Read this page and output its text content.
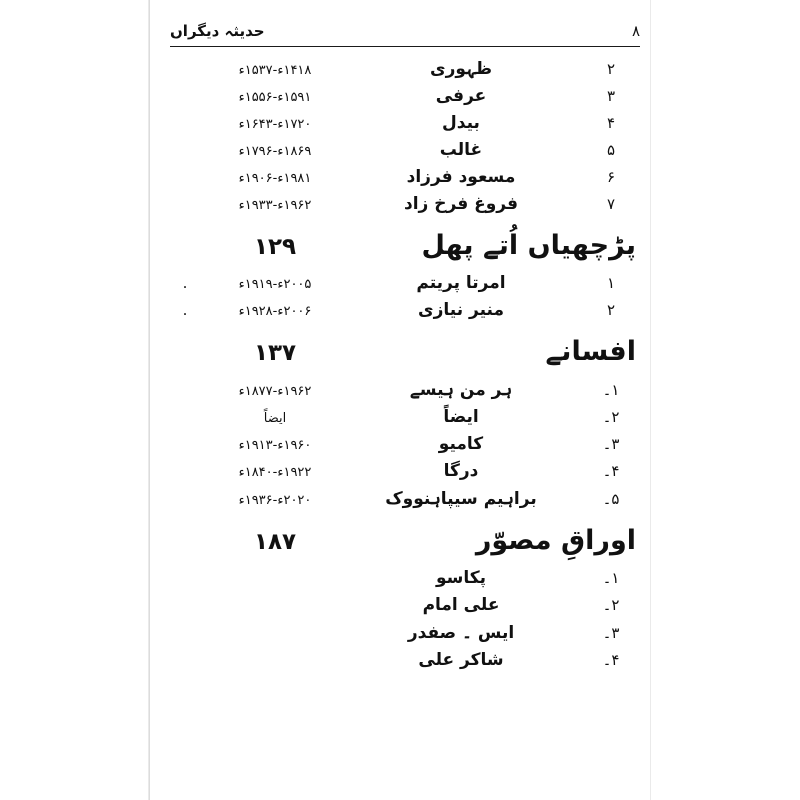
۸
حدیثہ دیگراں
۲
ظہوری
۱۴۱۸ء-۱۵۳۷ء
۳
عرفی
۱۵۹۱ء-۱۵۵۶ء
۴
بیدل
۱۷۲۰ء-۱۶۴۳ء
۵
غالب
۱۸۶۹ء-۱۷۹۶ء
۶
مسعود فرزاد
۱۹۸۱ء-۱۹۰۶ء
۷
فروغ فرخ زاد
۱۹۶۲ء-۱۹۳۳ء
پڑچھیاں اُتے پھل
۱۲۹
۱
امرتا پریتم
۲۰۰۵ء-۱۹۱۹ء
.
۲
منیر نیازی
۲۰۰۶ء-۱۹۲۸ء
.
افسانے
۱۳۷
۱۔
ہر من ہیسے
۱۹۶۲ء-۱۸۷۷ء
۲۔
ایضاً
ایضاً
۳۔
کامیو
۱۹۶۰ء-۱۹۱۳ء
۴۔
درگا
۱۹۲۲ء-۱۸۴۰ء
۵۔
براہیم سیپاہنووک
۲۰۲۰ء-۱۹۳۶ء
اوراقِ مصوّر
۱۸۷
۱۔
پکاسو
۲۔
علی امام
۳۔
ایس ۔ صفدر
۴۔
شاکر علی
